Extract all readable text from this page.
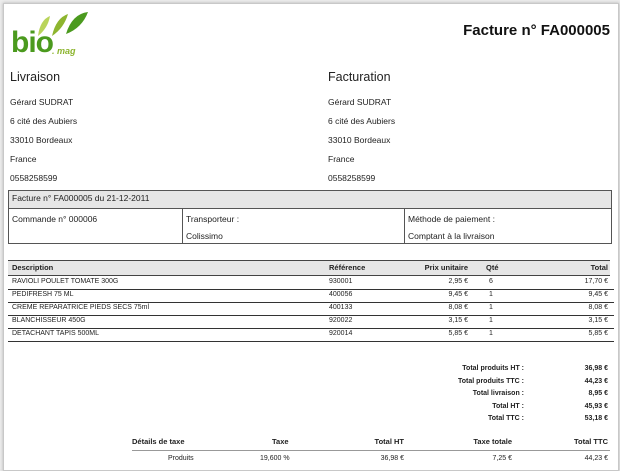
bio . mag
Facture n° FA000005
Livraison
Gérard SUDRAT
6 cité des Aubiers
33010 Bordeaux
France
0558258599
Facturation
Gérard SUDRAT
6 cité des Aubiers
33010 Bordeaux
France
0558258599
Facture n° FA000005 du 21-12-2011
Commande n° 000006	Transporteur :
Colissimo
Méthode de paiement :
Comptant à la livraison
Description	Référence	Prix unitaire Qté	Total
Détails de taxe	Taxe	Total HT	Taxe totale	Total TTC
Produits	19,600 %	36,98 €	7,25 €	44,23 €
RAVIOLI POULET TOMATE 300G	930001	2,95 €	6	17,70 €
PEDIFRESH 75 ML	400056	9,45 €	1	9,45 €
CREME REPARATRICE PIEDS SECS 75ml	400133	8,08 €	1	8,08 €
BLANCHISSEUR 450G	920022	3,15 €	1	3,15 €
DETACHANT TAPIS 500ML	920014	5,85 €	1	5,85 €
Total produits HT :	36,98 €
Total produits TTC :	44,23 €
Total livraison :	8,95 €
Total HT :	45,93 €
Total TTC :	53,18 €
